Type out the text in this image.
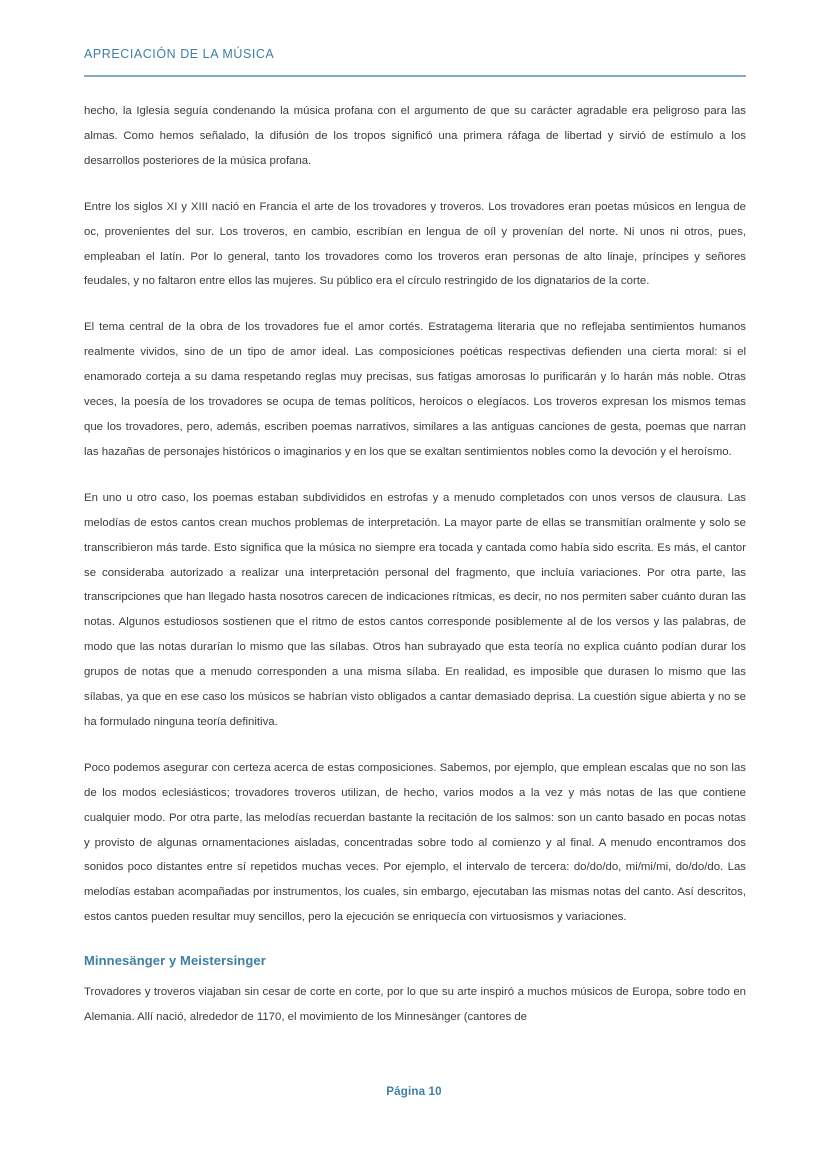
APRECIACIÓN DE LA MÚSICA

hecho, la Iglesia seguía condenando la música profana con el argumento de que su carácter agradable era peligroso para las almas. Como hemos señalado, la difusión de los tropos significó una primera ráfaga de libertad y sirvió de estímulo a los desarrollos posteriores de la música profana.

Entre los siglos XI y XIII nació en Francia el arte de los trovadores y troveros. Los trovadores eran poetas músicos en lengua de oc, provenientes del sur. Los troveros, en cambio, escribían en lengua de oíl y provenían del norte. Ni unos ni otros, pues, empleaban el latín. Por lo general, tanto los trovadores como los troveros eran personas de alto linaje, príncipes y señores feudales, y no faltaron entre ellos las mujeres. Su público era el círculo restringido de los dignatarios de la corte.

El tema central de la obra de los trovadores fue el amor cortés. Estratagema literaria que no reflejaba sentimientos humanos realmente vividos, sino de un tipo de amor ideal. Las composiciones poéticas respectivas defienden una cierta moral: si el enamorado corteja a su dama respetando reglas muy precisas, sus fatigas amorosas lo purificarán y lo harán más noble. Otras veces, la poesía de los trovadores se ocupa de temas políticos, heroicos o elegíacos. Los troveros expresan los mismos temas que los trovadores, pero, además, escriben poemas narrativos, similares a las antiguas canciones de gesta, poemas que narran las hazañas de personajes históricos o imaginarios y en los que se exaltan sentimientos nobles como la devoción y el heroísmo.

En uno u otro caso, los poemas estaban subdivididos en estrofas y a menudo completados con unos versos de clausura. Las melodías de estos cantos crean muchos problemas de interpretación. La mayor parte de ellas se transmitían oralmente y solo se transcribieron más tarde. Esto significa que la música no siempre era tocada y cantada como había sido escrita. Es más, el cantor se consideraba autorizado a realizar una interpretación personal del fragmento, que incluía variaciones. Por otra parte, las transcripciones que han llegado hasta nosotros carecen de indicaciones rítmicas, es decir, no nos permiten saber cuánto duran las notas. Algunos estudiosos sostienen que el ritmo de estos cantos corresponde posiblemente al de los versos y las palabras, de modo que las notas durarían lo mismo que las sílabas. Otros han subrayado que esta teoría no explica cuánto podían durar los grupos de notas que a menudo corresponden a una misma sílaba. En realidad, es imposible que durasen lo mismo que las sílabas, ya que en ese caso los músicos se habrían visto obligados a cantar demasiado deprisa. La cuestión sigue abierta y no se ha formulado ninguna teoría definitiva.

Poco podemos asegurar con certeza acerca de estas composiciones. Sabemos, por ejemplo, que emplean escalas que no son las de los modos eclesiásticos; trovadores troveros utilizan, de hecho, varios modos a la vez y más notas de las que contiene cualquier modo. Por otra parte, las melodías recuerdan bastante la recitación de los salmos: son un canto basado en pocas notas y provisto de algunas ornamentaciones aisladas, concentradas sobre todo al comienzo y al final. A menudo encontramos dos sonidos poco distantes entre sí repetidos muchas veces. Por ejemplo, el intervalo de tercera: do/do/do, mi/mi/mi, do/do/do. Las melodías estaban acompañadas por instrumentos, los cuales, sin embargo, ejecutaban las mismas notas del canto. Así descritos, estos cantos pueden resultar muy sencillos, pero la ejecución se enriquecía con virtuosismos y variaciones.

Minnesänger y Meistersinger

Trovadores y troveros viajaban sin cesar de corte en corte, por lo que su arte inspiró a muchos músicos de Europa, sobre todo en Alemania. Allí nació, alrededor de 1170, el movimiento de los Minnesänger (cantores de

Página 10
